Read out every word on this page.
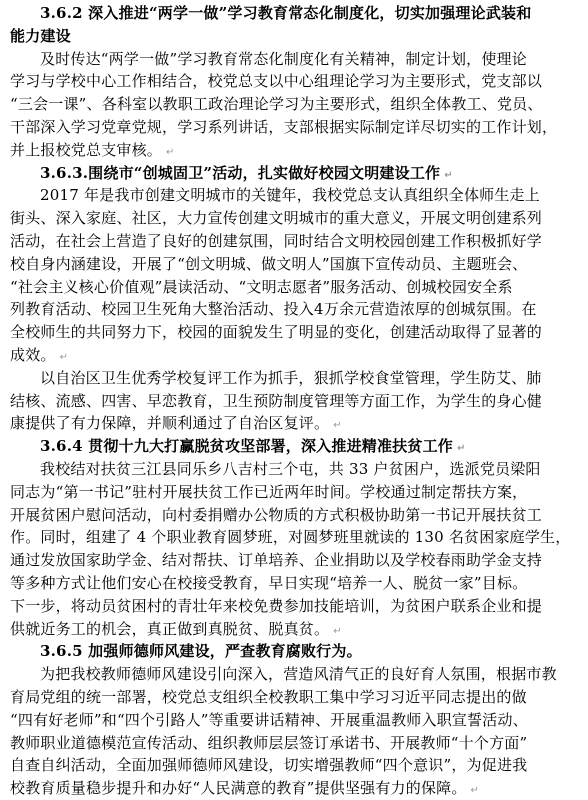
3.6.2 深入推进“两学一做”学习教育常态化制度化，切实加强理论武装和
能力建设
及时传达“两学一做”学习教育常态化制度化有关精神，制定计划，使理论
学习与学校中心工作相结合，校党总支以中心组理论学习为主要形式，党支部以
“三会一课”、各科室以教职工政治理论学习为主要形式，组织全体教工、党员、
干部深入学习党章党规，学习系列讲话，支部根据实际制定详尽切实的工作计划，
并上报校党总支审核。 ↵
3.6.3.围绕市“创城固卫”活动，扎实做好校园文明建设工作 ↵
2017 年是我市创建文明城市的关键年，我校党总支认真组织全体师生走上
街头、深入家庭、社区，大力宣传创建文明城市的重大意义，开展文明创建系列
活动，在社会上营造了良好的创建氛围，同时结合文明校园创建工作积极抓好学
校自身内涵建设，开展了“创文明城、做文明人”国旗下宣传动员、主题班会、
“社会主义核心价值观”晨读活动、“文明志愿者”服务活动、创城校园安全系
列教育活动、校园卫生死角大整治活动、投入4万余元营造浓厚的创城氛围。在
全校师生的共同努力下，校园的面貌发生了明显的变化，创建活动取得了显著的
成效。 ↵
以自治区卫生优秀学校复评工作为抓手，狠抓学校食堂管理，学生防艾、肺
结核、流感、四害、早恋教育，卫生预防制度管理等方面工作，为学生的身心健
康提供了有力保障，并顺利通过了自治区复评。 ↵
3.6.4 贯彻十九大打赢脱贫攻坚部署，深入推进精准扶贫工作 ↵
我校结对扶贫三江县同乐乡八吉村三个屯，共 33 户贫困户，选派党员梁阳
同志为“第一书记”驻村开展扶贫工作已近两年时间。学校通过制定帮扶方案，
开展贫困户慰问活动，向村委捐赠办公物质的方式积极协助第一书记开展扶贫工
作。同时，组建了 4 个职业教育圆梦班，对圆梦班里就读的 130 名贫困家庭学生，
通过发放国家助学金、结对帮扶、订单培养、企业捐助以及学校春雨助学金支持
等多种方式让他们安心在校接受教育，早日实现“培养一人、脱贫一家”目标。
下一步，将动员贫困村的青壮年来校免费参加技能培训，为贫困户联系企业和提
供就近务工的机会，真正做到真脱贫、脱真贫。 ↵
3.6.5 加强师德师风建设，严查教育腐败行为。
为把我校教师德师风建设引向深入，营造风清气正的良好育人氛围，根据市教
育局党组的统一部署，校党总支组织全校教职工集中学习习近平同志提出的做
“四有好老师”和“四个引路人”等重要讲话精神、开展重温教师入职宣誓活动、
教师职业道德模范宣传活动、组织教师层层签订承诺书、开展教师“十个方面”
自查自纠活动，全面加强师德师风建设，切实增强教师“四个意识”，为促进我
校教育质量稳步提升和办好“人民满意的教育”提供坚强有力的保障。 ↵
